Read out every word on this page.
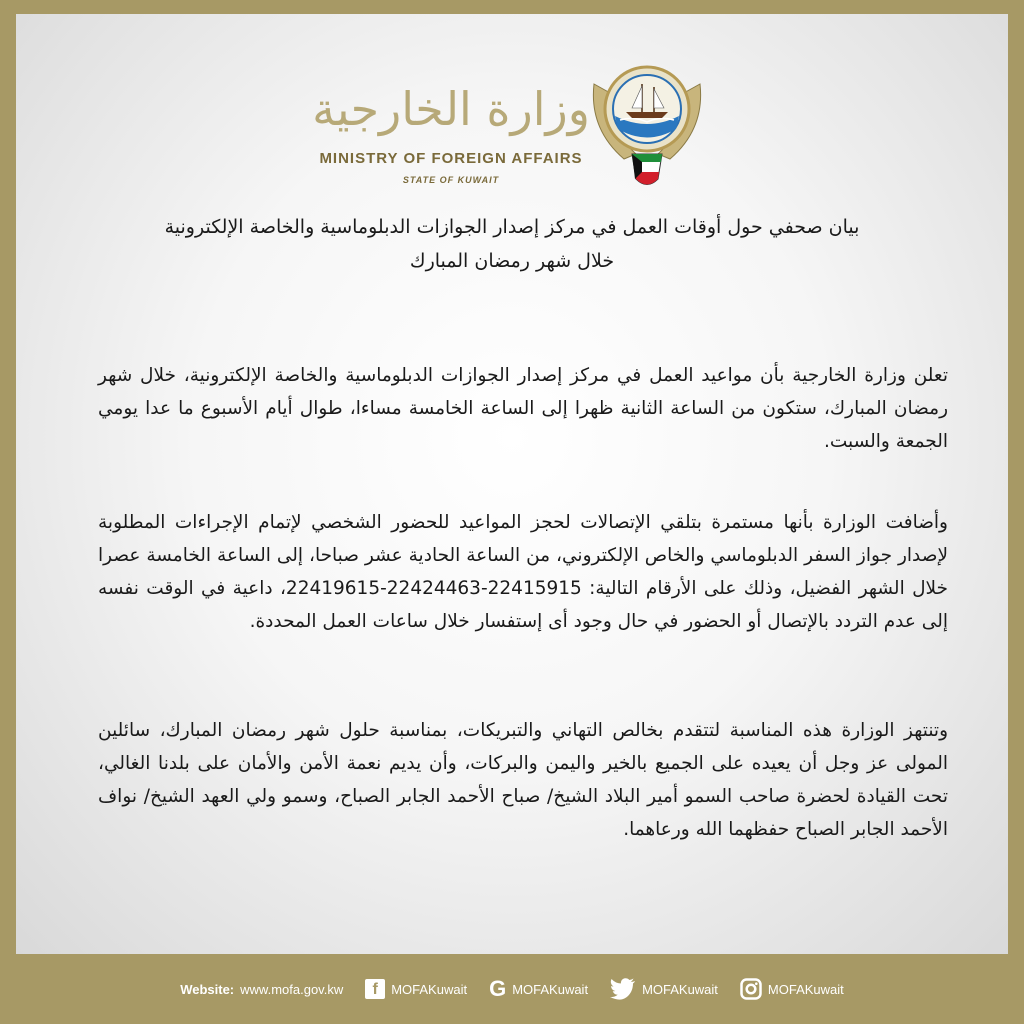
وزارة الخارجية
MINISTRY OF FOREIGN AFFAIRS
STATE OF KUWAIT
بيان صحفي حول أوقات العمل في مركز إصدار الجوازات الدبلوماسية والخاصة الإلكترونية
خلال شهر رمضان المبارك
تعلن وزارة الخارجية بأن مواعيد العمل في مركز إصدار الجوازات الدبلوماسية والخاصة الإلكترونية، خلال شهر رمضان المبارك، ستكون من الساعة الثانية ظهرا إلى الساعة الخامسة مساءا، طوال أيام الأسبوع ما عدا يومي الجمعة والسبت.
وأضافت الوزارة بأنها مستمرة بتلقي الإتصالات لحجز المواعيد للحضور الشخصي لإتمام الإجراءات المطلوبة لإصدار جواز السفر الدبلوماسي والخاص الإلكتروني، من الساعة الحادية عشر صباحا، إلى الساعة الخامسة عصرا خلال الشهر الفضيل، وذلك على الأرقام التالية: 22415915-22424463-22419615، داعية في الوقت نفسه إلى عدم التردد بالإتصال أو الحضور في حال وجود أى إستفسار خلال ساعات العمل المحددة.
وتنتهز الوزارة هذه المناسبة لتتقدم بخالص التهاني والتبريكات، بمناسبة حلول شهر رمضان المبارك، سائلين المولى عز وجل أن يعيده على الجميع بالخير واليمن والبركات، وأن يديم نعمة الأمن والأمان على بلدنا الغالي، تحت القيادة لحضرة صاحب السمو أمير البلاد الشيخ/ صباح الأحمد الجابر الصباح، وسمو ولي العهد الشيخ/ نواف الأحمد الجابر الصباح حفظهما الله ورعاهما.
Website: www.mofa.gov.kw	f	MOFAKuwait G MOFAKuwait	MOFAKuwait	MOFAKuwait
